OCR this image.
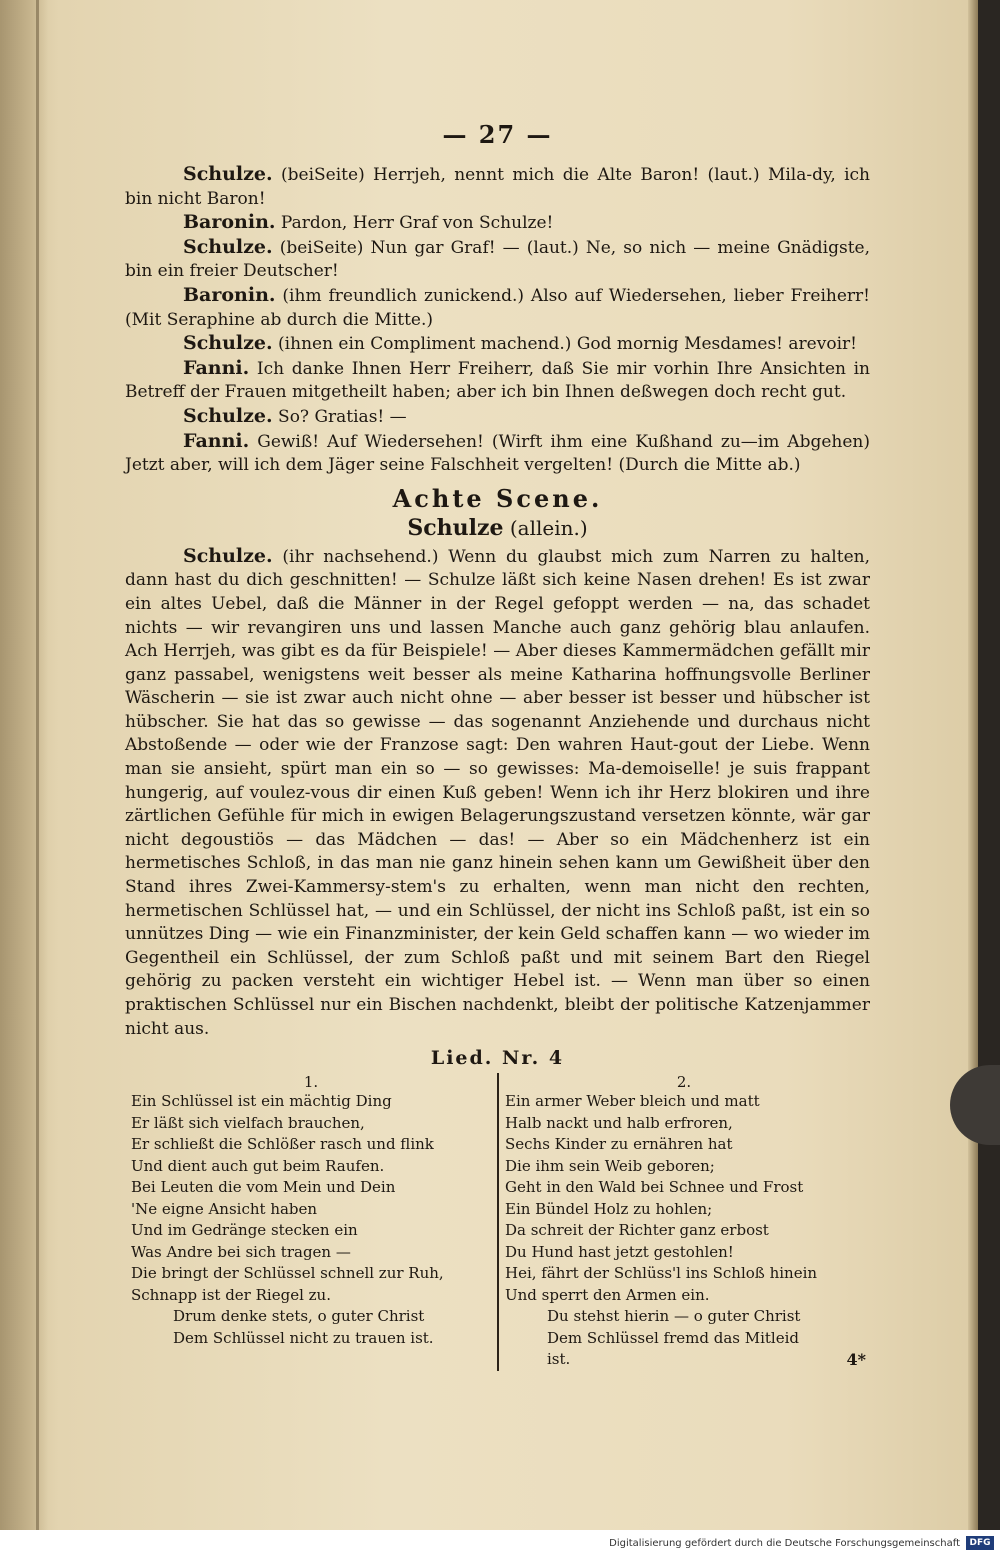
— 27 —

Schulze. (beiSeite) Herrjeh, nennt mich die Alte Baron! (laut.) Mila-dy, ich bin nicht Baron!

Baronin. Pardon, Herr Graf von Schulze!

Schulze. (beiSeite) Nun gar Graf! — (laut.) Ne, so nich — meine Gnädigste, bin ein freier Deutscher!

Baronin. (ihm freundlich zunickend.) Also auf Wiedersehen, lieber Freiherr! (Mit Seraphine ab durch die Mitte.)

Schulze. (ihnen ein Compliment machend.) God mornig Mesdames! arevoir!

Fanni. Ich danke Ihnen Herr Freiherr, daß Sie mir vorhin Ihre Ansichten in Betreff der Frauen mitgetheilt haben; aber ich bin Ihnen deßwegen doch recht gut.

Schulze. So? Gratias! —

Fanni. Gewiß! Auf Wiedersehen! (Wirft ihm eine Kußhand zu—im Abgehen) Jetzt aber, will ich dem Jäger seine Falschheit vergelten! (Durch die Mitte ab.)

Achte Scene.
Schulze (allein.)

Schulze. (ihr nachsehend.) Wenn du glaubst mich zum Narren zu halten, dann hast du dich geschnitten! — Schulze läßt sich keine Nasen drehen! Es ist zwar ein altes Uebel, daß die Männer in der Regel gefoppt werden — na, das schadet nichts — wir revangiren uns und lassen Manche auch ganz gehörig blau anlaufen. Ach Herrjeh, was gibt es da für Beispiele! — Aber dieses Kammermädchen gefällt mir ganz passabel, wenigstens weit besser als meine Katharina hoffnungsvolle Berliner Wäscherin — sie ist zwar auch nicht ohne — aber besser ist besser und hübscher ist hübscher. Sie hat das so gewisse — das sogenannt Anziehende und durchaus nicht Abstoßende — oder wie der Franzose sagt: Den wahren Haut-gout der Liebe. Wenn man sie ansieht, spürt man ein so — so gewisses: Ma-demoiselle! je suis frappant hungerig, auf voulez-vous dir einen Kuß geben! Wenn ich ihr Herz blokiren und ihre zärtlichen Gefühle für mich in ewigen Belagerungszustand versetzen könnte, wär gar nicht degoustiös — das Mädchen — das! — Aber so ein Mädchenherz ist ein hermetisches Schloß, in das man nie ganz hinein sehen kann um Gewißheit über den Stand ihres Zwei-Kammersy-stem's zu erhalten, wenn man nicht den rechten, hermetischen Schlüssel hat, — und ein Schlüssel, der nicht ins Schloß paßt, ist ein so unnützes Ding — wie ein Finanzminister, der kein Geld schaffen kann — wo wieder im Gegentheil ein Schlüssel, der zum Schloß paßt und mit seinem Bart den Riegel gehörig zu packen versteht ein wichtiger Hebel ist. — Wenn man über so einen praktischen Schlüssel nur ein Bischen nachdenkt, bleibt der politische Katzenjammer nicht aus.

Lied. Nr. 4
1.
Ein Schlüssel ist ein mächtig Ding
Er läßt sich vielfach brauchen,
Er schließt die Schlößer rasch und flink
Und dient auch gut beim Raufen.
Bei Leuten die vom Mein und Dein
'Ne eigne Ansicht haben
Und im Gedränge stecken ein
Was Andre bei sich tragen —
Die bringt der Schlüssel schnell zur Ruh,
Schnapp ist der Riegel zu.
Drum denke stets, o guter Christ
Dem Schlüssel nicht zu trauen ist.
2.
Ein armer Weber bleich und matt
Halb nackt und halb erfroren,
Sechs Kinder zu ernähren hat
Die ihm sein Weib geboren;
Geht in den Wald bei Schnee und Frost
Ein Bündel Holz zu hohlen;
Da schreit der Richter ganz erbost
Du Hund hast jetzt gestohlen!
Hei, fährt der Schlüss'l ins Schloß hinein
Und sperrt den Armen ein.
Du stehst hierin — o guter Christ
Dem Schlüssel fremd das Mitleid
ist.	4*
Digitalisierung gefördert durch die Deutsche Forschungsgemeinschaft	DFG
